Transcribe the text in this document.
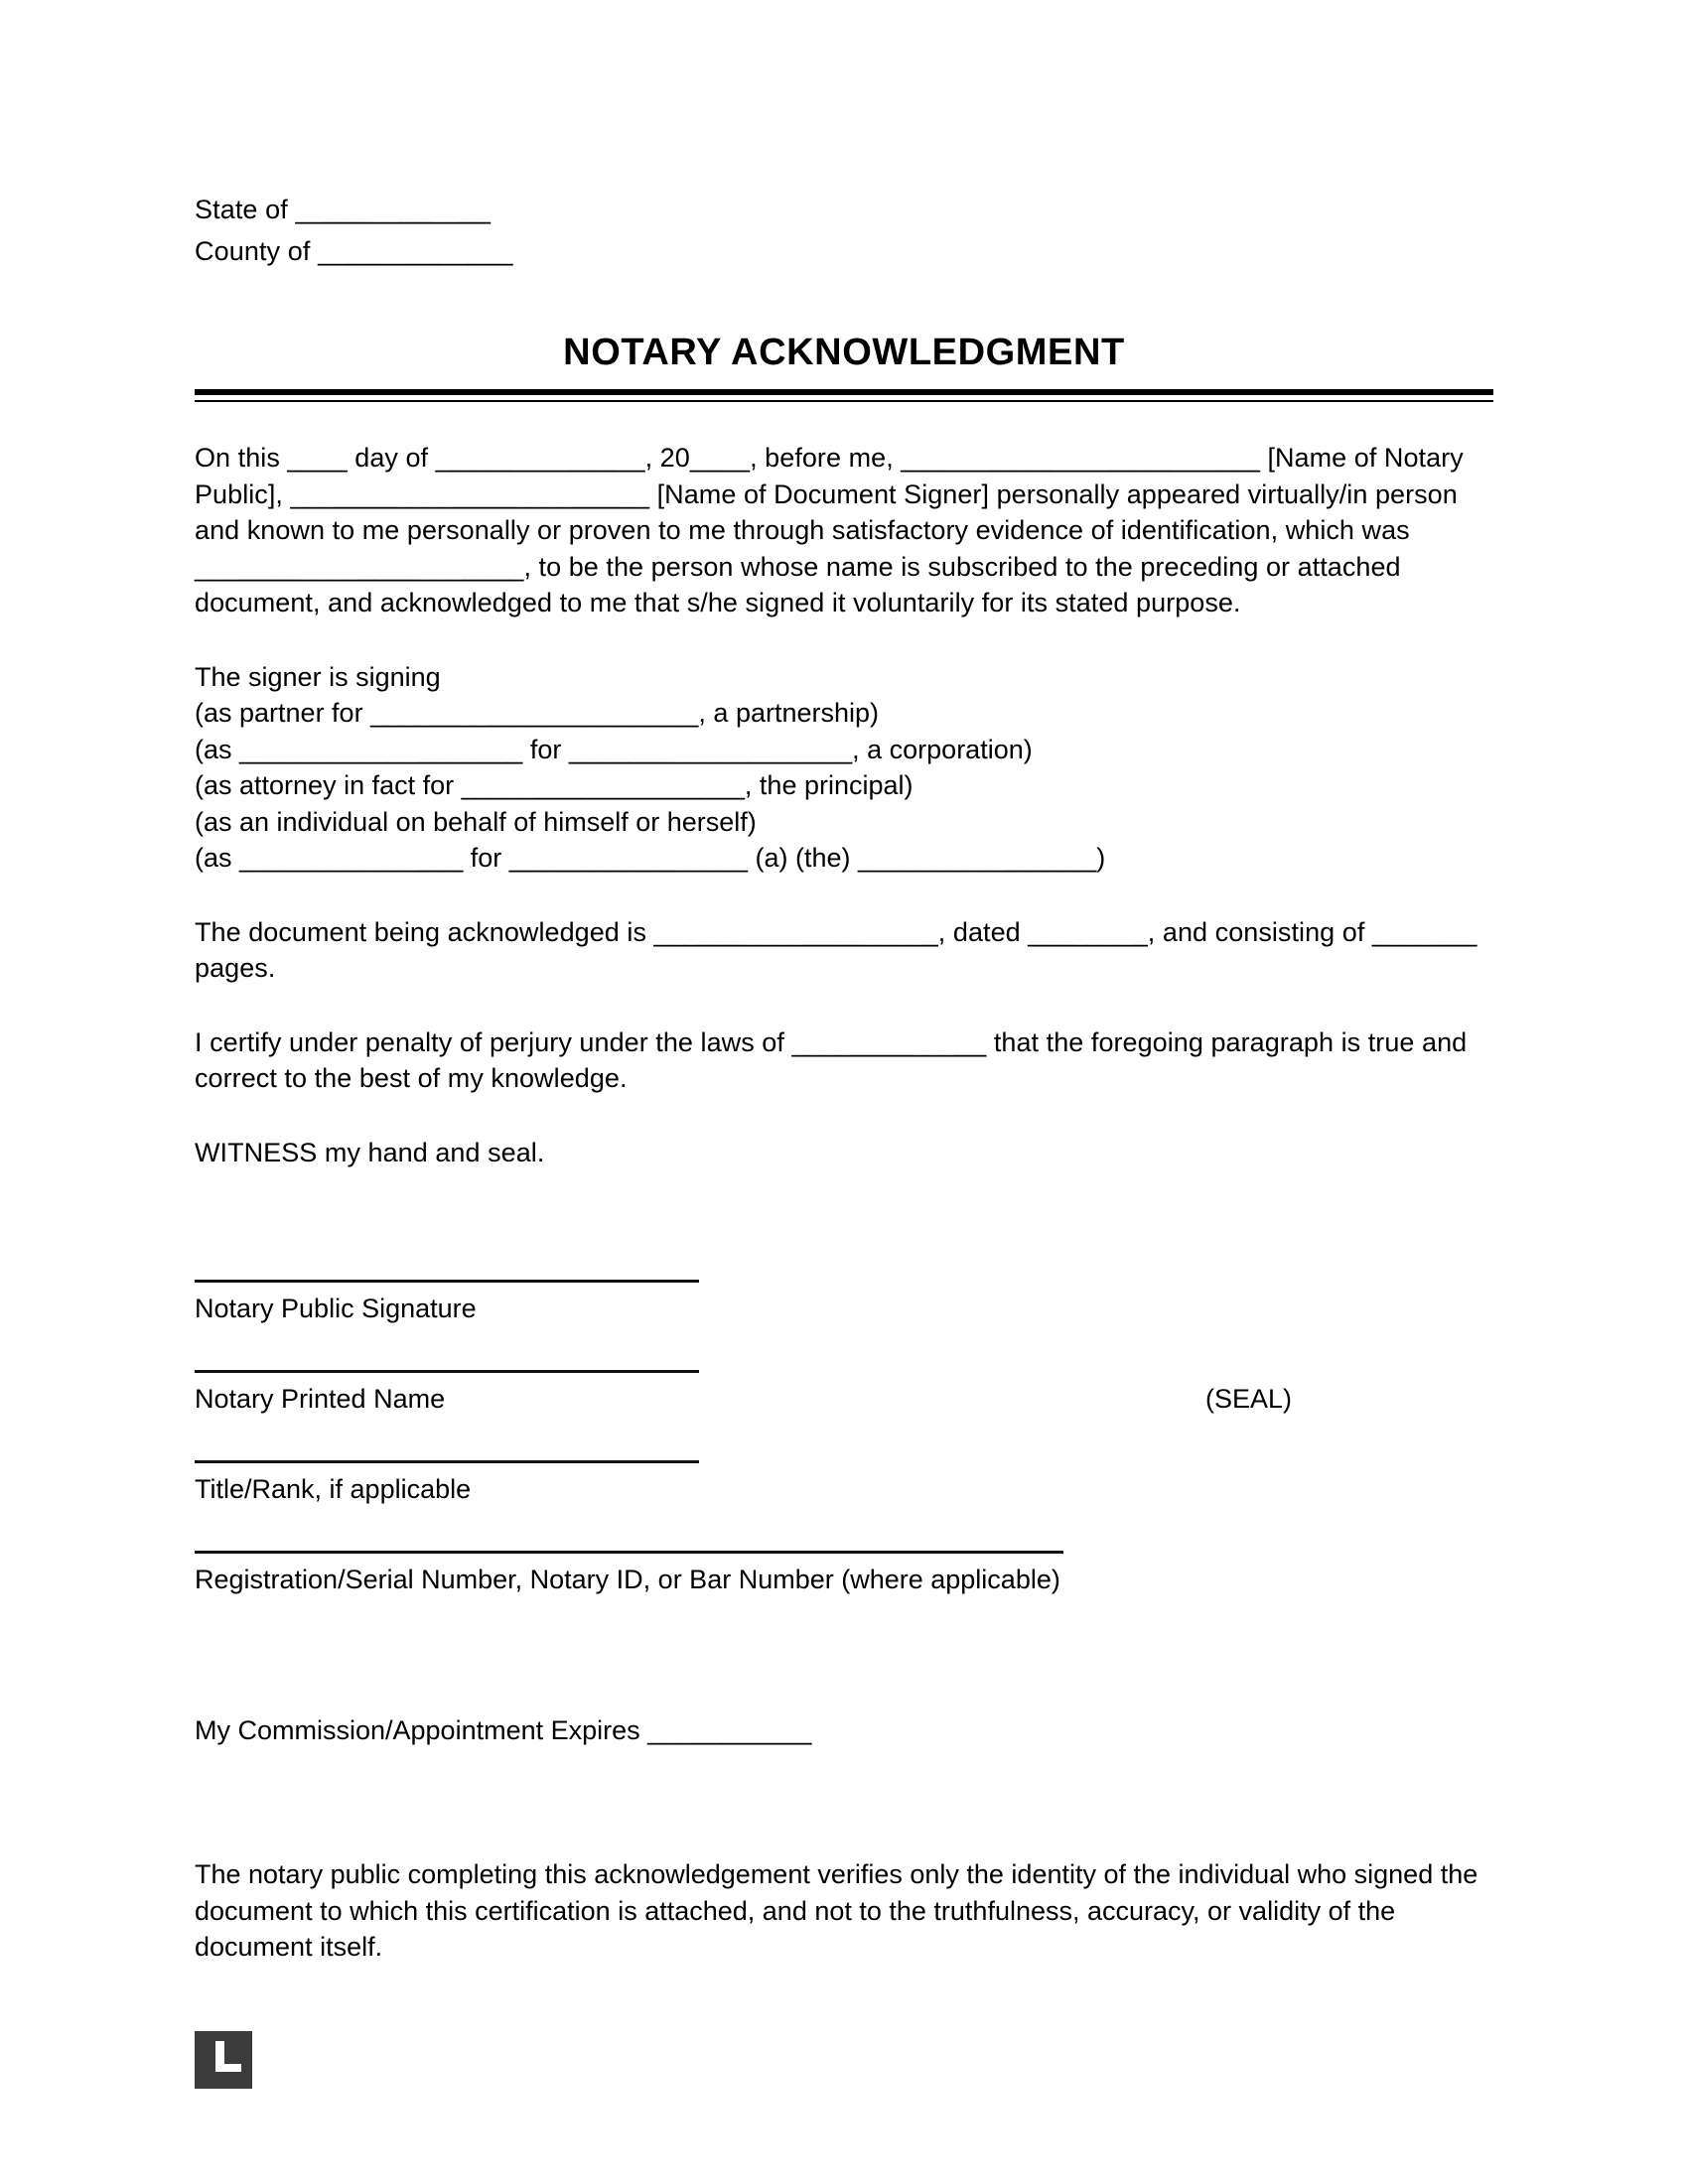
State of _____________
County of _____________
NOTARY ACKNOWLEDGMENT
On this ____ day of ______________, 20____, before me, ________________________ [Name of Notary Public], ________________________ [Name of Document Signer] personally appeared virtually/in person and known to me personally or proven to me through satisfactory evidence of identification, which was ______________________, to be the person whose name is subscribed to the preceding or attached document, and acknowledged to me that s/he signed it voluntarily for its stated purpose.
The signer is signing
(as partner for ______________________, a partnership)
(as ___________________ for ___________________, a corporation)
(as attorney in fact for ___________________, the principal)
(as an individual on behalf of himself or herself)
(as _______________ for ________________ (a) (the) ________________)
The document being acknowledged is ___________________, dated ________, and consisting of _______ pages.
I certify under penalty of perjury under the laws of _____________ that the foregoing paragraph is true and correct to the best of my knowledge.
WITNESS my hand and seal.
Notary Public Signature
Notary Printed Name	(SEAL)
Title/Rank, if applicable
Registration/Serial Number, Notary ID, or Bar Number (where applicable)
My Commission/Appointment Expires ___________
The notary public completing this acknowledgement verifies only the identity of the individual who signed the document to which this certification is attached, and not to the truthfulness, accuracy, or validity of the document itself.
